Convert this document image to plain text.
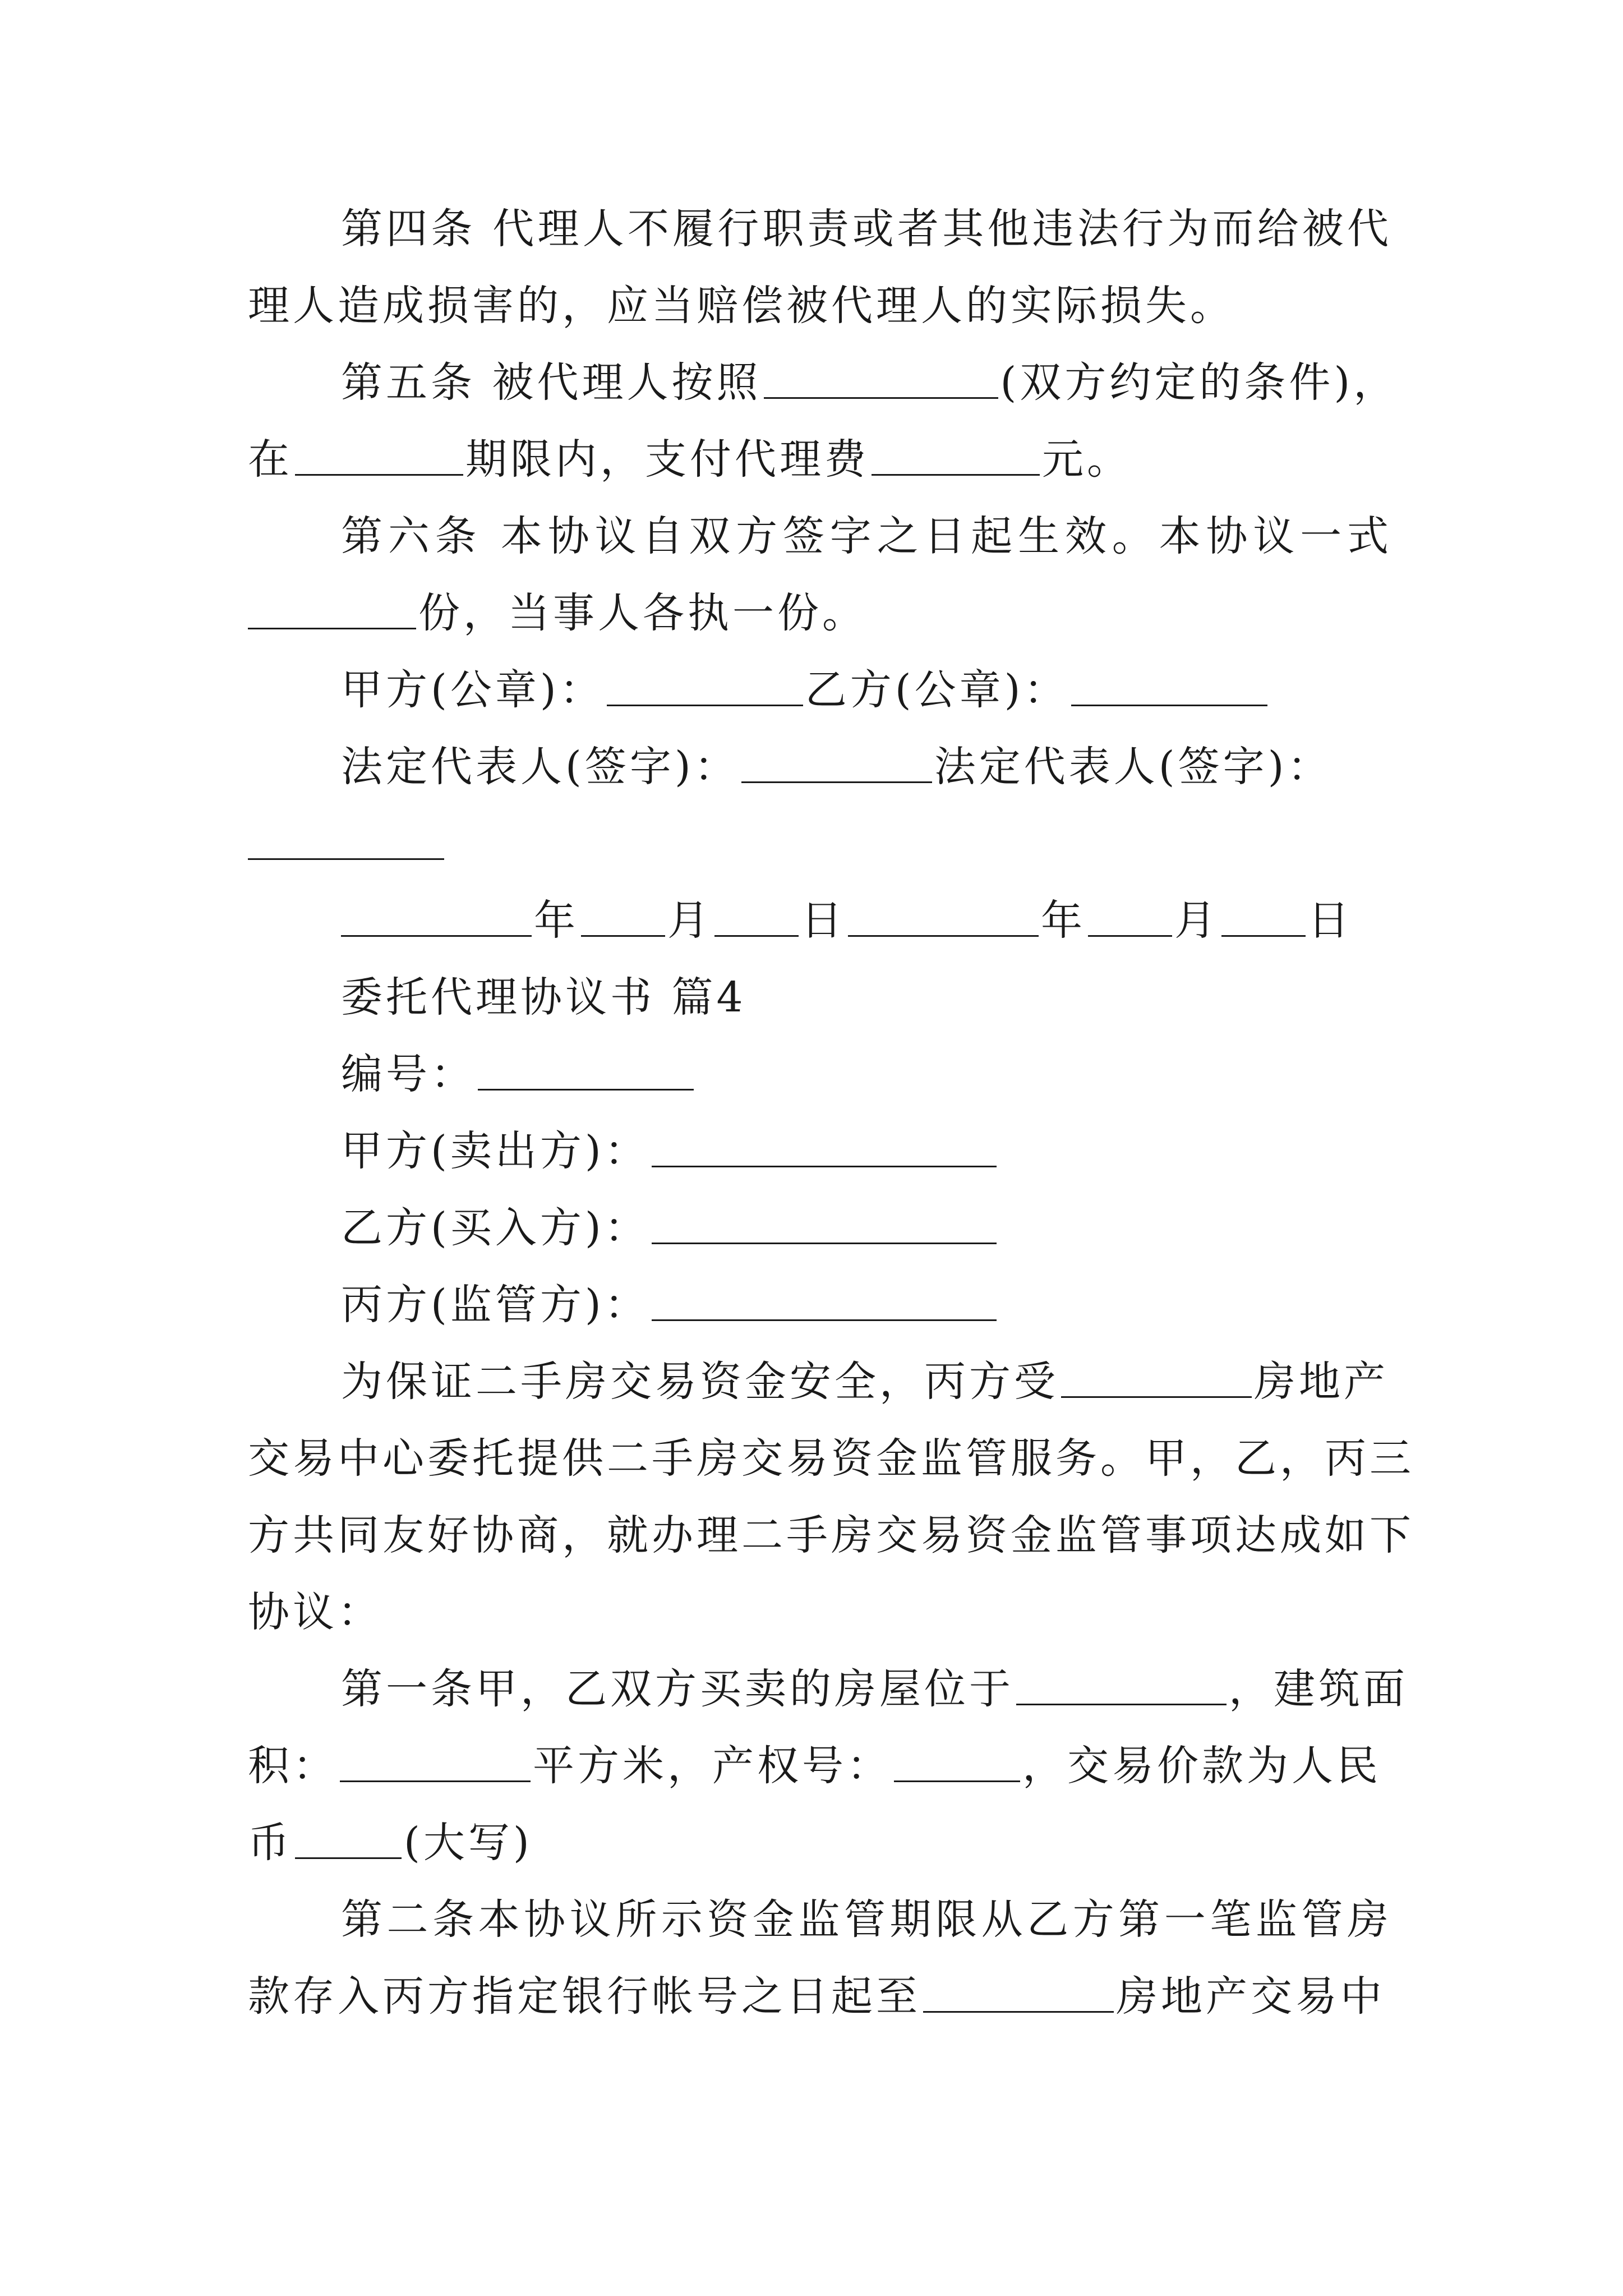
第四条 代理人不履行职责或者其他违法行为而给被代
理人造成损害的，应当赔偿被代理人的实际损失。
第五条 被代理人按照	(双方约定的条件)，
在	期限内，支付代理费	元。
第六条 本协议自双方签字之日起生效。本协议一式
份，当事人各执一份。
甲方(公章)：	乙方(公章)：
法定代表人(签字)：	法定代表人(签字)：
年 月 日	年 月 日
委托代理协议书 篇4
编号：
甲方(卖出方)：
乙方(买入方)：
丙方(监管方)：
为保证二手房交易资金安全，丙方受	房地产
交易中心委托提供二手房交易资金监管服务。甲，乙，丙三
方共同友好协商，就办理二手房交易资金监管事项达成如下
协议：
第一条甲，乙双方买卖的房屋位于	，建筑面
积：	平方米，产权号：	，交易价款为人民
币	(大写)
第二条本协议所示资金监管期限从乙方第一笔监管房
款存入丙方指定银行帐号之日起至	房地产交易中
